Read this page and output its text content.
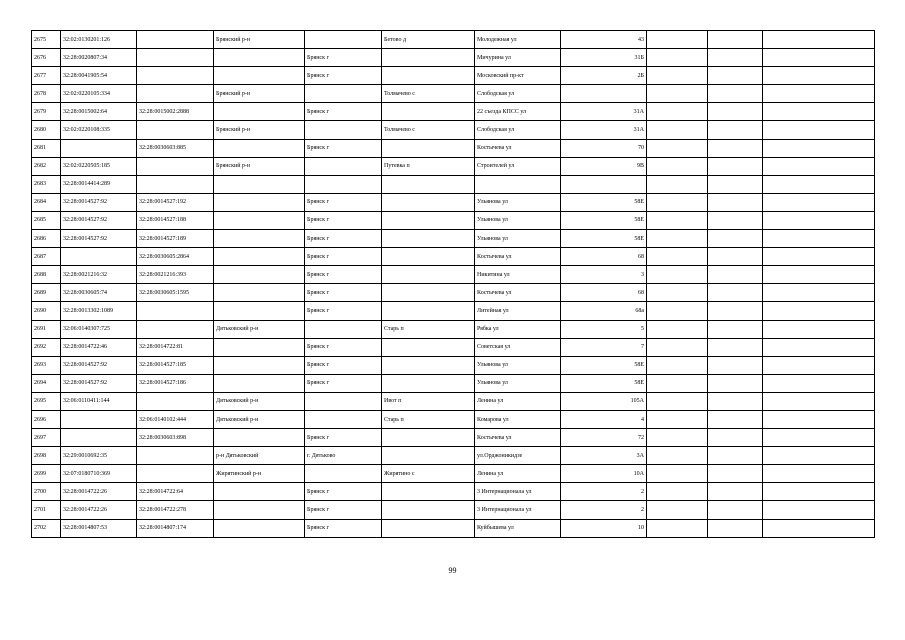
2675	32:02:0130201:126		Брянский р-н		Бетово д	Молодежная ул	43			
2676	32:28:0020807:34			Брянск г		Мичурина ул	31Б			
2677	32:28:0041905:54			Брянск г		Московский пр-кт	2Б			
2678	32:02:0220105:334		Брянский р-н		Толмачево с	Слободская ул				
2679	32:28:0015002:64	32:28:0015002:2888		Брянск г		22 съезда КПСС ул	31А			
2680	32:02:0220108:335		Брянский р-н		Толмачево с	Слободская ул	31А			
2681		32:28:0030603:885		Брянск г		Костычева ул	70			
2682	32:02:0220505:185		Брянский р-н		Путевка п	Строителей ул	9В			
2683	32:28:0014414:289									
2684	32:28:0014527:92	32:28:0014527:192		Брянск г		Ульянова ул	58Е			
2685	32:28:0014527:92	32:28:0014527:188		Брянск г		Ульянова ул	58Е			
2686	32:28:0014527:92	32:28:0014527:189		Брянск г		Ульянова ул	58Е			
2687		32:28:0030605:2864		Брянск г		Костычева ул	68			
2688	32:28:0021216:32	32:28:0021216:393		Брянск г		Никитина ул	3			
2689	32:28:0030605:74	32:28:0030605:1595		Брянск г		Костычева ул	68			
2690	32:28:0013302:1089			Брянск г		Литейная ул	68а			
2691	32:06:0140307:725		Дятьковский р-н		Старь п	Рябка ул	5			
2692	32:28:0014722:46	32:28:0014722:81		Брянск г		Советская ул	7			
2693	32:28:0014527:92	32:28:0014527:185		Брянск г		Ульянова ул	58Е			
2694	32:28:0014527:92	32:28:0014527:186		Брянск г		Ульянова ул	58Е			
2695	32:06:0110411:144		Дятьковский р-н		Ивот п	Ленина ул	105А			
2696		32:06:0140102:444	Дятьковский р-н		Старь п	Комарова ул	4			
2697		32:28:0030603:898		Брянск г		Костычева ул	72			
2698	32:29:0010692:35		р-н Дятьковский	г. Дятьково		ул.Орджоникидзе	3А			
2699	32:07:0180710:369		Жирятинский р-н		Жирятино с	Ленина ул	10А			
2700	32:28:0014722:26	32:28:0014722:64		Брянск г		3 Интернационала ул	2			
2701	32:28:0014722:26	32:28:0014722:278		Брянск г		3 Интернационала ул	2			
2702	32:28:0014807:53	32:28:0014807:174		Брянск г		Куйбышева ул	10			
99
